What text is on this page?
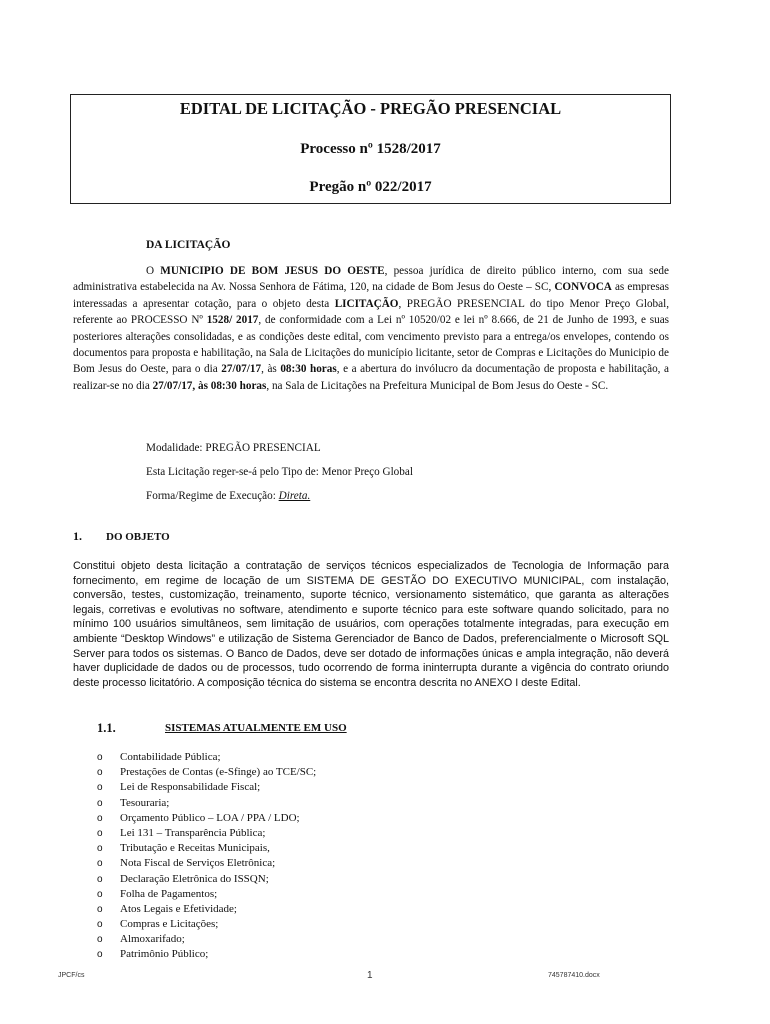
EDITAL DE LICITAÇÃO - PREGÃO PRESENCIAL
Processo nº 1528/2017
Pregão nº 022/2017
DA LICITAÇÃO
O MUNICIPIO DE BOM JESUS DO OESTE, pessoa jurídica de direito público interno, com sua sede administrativa estabelecida na Av. Nossa Senhora de Fátima, 120, na cidade de Bom Jesus do Oeste – SC, CONVOCA as empresas interessadas a apresentar cotação, para o objeto desta LICITAÇÃO, PREGÃO PRESENCIAL do tipo Menor Preço Global, referente ao PROCESSO Nº 1528/ 2017, de conformidade com a Lei nº 10520/02 e lei nº 8.666, de 21 de Junho de 1993, e suas posteriores alterações consolidadas, e as condições deste edital, com vencimento previsto para a entrega/os envelopes, contendo os documentos para proposta e habilitação, na Sala de Licitações do município licitante, setor de Compras e Licitações do Municipio de Bom Jesus do Oeste, para o dia 27/07/17, às 08:30 horas, e a abertura do invólucro da documentação de proposta e habilitação, a realizar-se no dia 27/07/17, às 08:30 horas, na Sala de Licitações na Prefeitura Municipal de Bom Jesus do Oeste - SC.
Modalidade: PREGÃO PRESENCIAL
Esta Licitação reger-se-á pelo Tipo de: Menor Preço Global
Forma/Regime de Execução: Direta.
1. DO OBJETO
Constitui objeto desta licitação a contratação de serviços técnicos especializados de Tecnologia de Informação para fornecimento, em regime de locação de um SISTEMA DE GESTÃO DO EXECUTIVO MUNICIPAL, com instalação, conversão, testes, customização, treinamento, suporte técnico, versionamento sistemático, que garanta as alterações legais, corretivas e evolutivas no software, atendimento e suporte técnico para este software quando solicitado, para no mínimo 100 usuários simultâneos, sem limitação de usuários, com operações totalmente integradas, para execução em ambiente “Desktop Windows” e utilização de Sistema Gerenciador de Banco de Dados, preferencialmente o Microsoft SQL Server para todos os sistemas. O Banco de Dados, deve ser dotado de informações únicas e ampla integração, não deverá haver duplicidade de dados ou de processos, tudo ocorrendo de forma ininterrupta durante a vigência do contrato oriundo deste processo licitatório. A composição técnica do sistema se encontra descrita no ANEXO I deste Edital.
1.1.	SISTEMAS ATUALMENTE EM USO
o Contabilidade Pública;
o Prestações de Contas (e-Sfinge) ao TCE/SC;
o Lei de Responsabilidade Fiscal;
o Tesouraria;
o Orçamento Público – LOA / PPA / LDO;
o Lei 131 – Transparência Pública;
o Tributação e Receitas Municipais,
o Nota Fiscal de Serviços Eletrônica;
o Declaração Eletrônica do ISSQN;
o Folha de Pagamentos;
o Atos Legais e Efetividade;
o Compras e Licitações;
o Almoxarifado;
o Patrimônio Público;
JPCF/cs	1	745787410.docx
